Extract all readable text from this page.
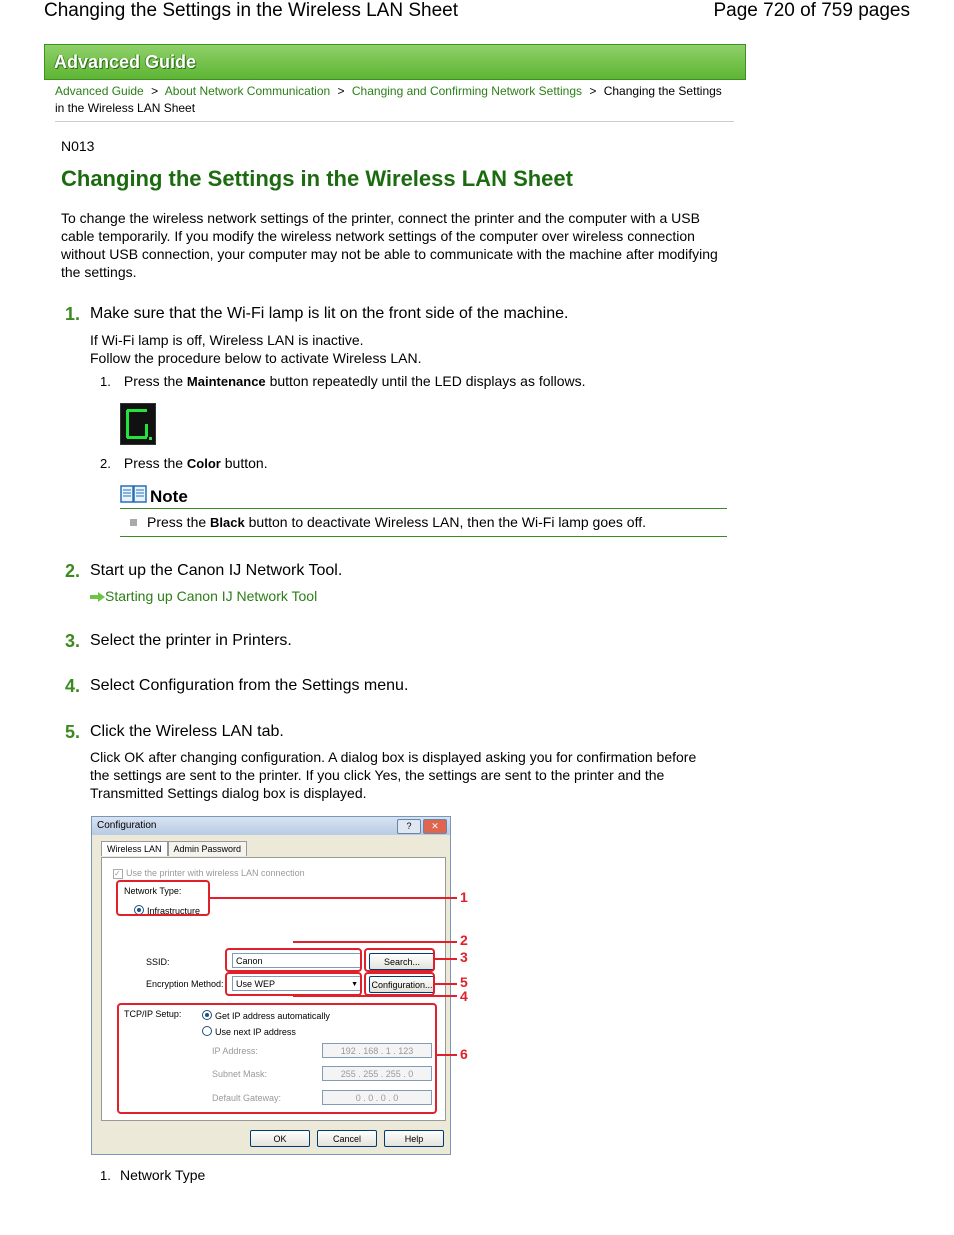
Changing the Settings in the Wireless LAN Sheet	Page 720 of 759 pages
Advanced Guide
Advanced Guide > About Network Communication > Changing and Confirming Network Settings > Changing the Settings
in the Wireless LAN Sheet
N013
Changing the Settings in the Wireless LAN Sheet
To change the wireless network settings of the printer, connect the printer and the computer with a USB cable temporarily. If you modify the wireless network settings of the computer over wireless connection without USB connection, your computer may not be able to communicate with the machine after modifying the settings.
1. Make sure that the Wi-Fi lamp is lit on the front side of the machine.
If Wi-Fi lamp is off, Wireless LAN is inactive.
Follow the procedure below to activate Wireless LAN.
1. Press the Maintenance button repeatedly until the LED displays as follows.
2. Press the Color button.
Note
Press the Black button to deactivate Wireless LAN, then the Wi-Fi lamp goes off.
2. Start up the Canon IJ Network Tool.
Starting up Canon IJ Network Tool
3. Select the printer in Printers.
4. Select Configuration from the Settings menu.
5. Click the Wireless LAN tab.
Click OK after changing configuration. A dialog box is displayed asking you for confirmation before the settings are sent to the printer. If you click Yes, the settings are sent to the printer and the Transmitted Settings dialog box is displayed.
Configuration	? ✕
Wireless LAN Admin Password
✓ Use the printer with wireless LAN connection
Network Type:
Infrastructure
SSID:	Canon	Search...
Encryption Method:	Use WEP	▼ Configuration...
TCP/IP Setup:	Get IP address automatically
Use next IP address
IP Address:	192 . 168 . 1 . 123
Subnet Mask:	255 . 255 . 255 . 0
Default Gateway:	0 . 0 . 0 . 0
OK	Cancel	Help
1
2
3
4
5
6
1. Network Type
